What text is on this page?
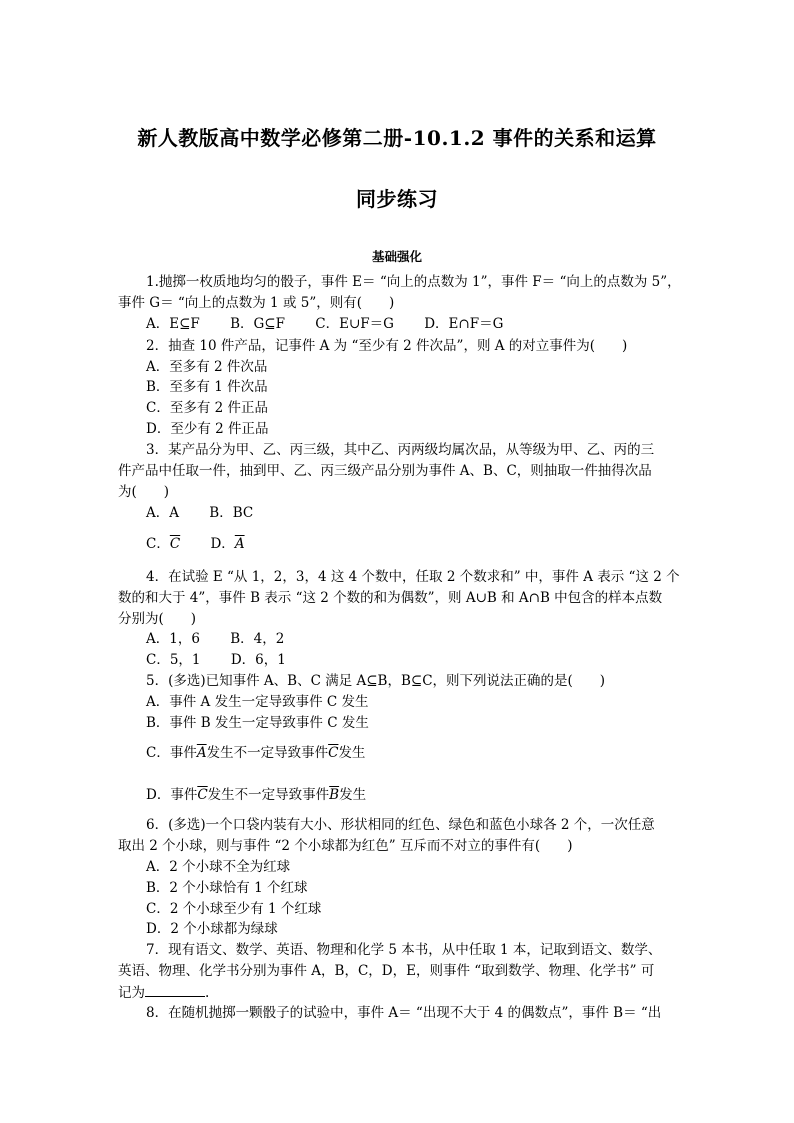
新人教版高中数学必修第二册-10.1.2 事件的关系和运算
同步练习
基础强化
1.抛掷一枚质地均匀的骰子，事件 E＝ “向上的点数为 1”，事件 F＝ “向上的点数为 5”，
事件 G＝ “向上的点数为 1 或 5”，则有(　　)
A．E⊆F B．G⊆F C．E∪F＝G D．E∩F＝G
2．抽查 10 件产品，记事件 A 为 “至少有 2 件次品”，则 A 的对立事件为(　　)
A．至多有 2 件次品
B．至多有 1 件次品
C．至多有 2 件正品
D．至少有 2 件正品
3．某产品分为甲、乙、丙三级，其中乙、丙两级均属次品，从等级为甲、乙、丙的三
件产品中任取一件，抽到甲、乙、丙三级产品分别为事件 A、B、C，则抽取一件抽得次品
为(　　)
A．A B．BC
C．$\overline{C}$ D．$\overline{A}$
4．在试验 E “从 1，2，3，4 这 4 个数中，任取 2 个数求和” 中，事件 A 表示 “这 2 个
数的和大于 4”，事件 B 表示 “这 2 个数的和为偶数”，则 A∪B 和 A∩B 中包含的样本点数
分别为(　　)
A．1，6 B．4，2
C．5，1 D．6，1
5．(多选)已知事件 A、B、C 满足 A⊆B，B⊆C，则下列说法正确的是(　　)
A．事件 A 发生一定导致事件 C 发生
B．事件 B 发生一定导致事件 C 发生
C．事件$\overline{A}$发生不一定导致事件$\overline{C}$发生
D．事件$\overline{C}$发生不一定导致事件$\overline{B}$发生
6．(多选)一个口袋内装有大小、形状相同的红色、绿色和蓝色小球各 2 个，一次任意
取出 2 个小球，则与事件 “2 个小球都为红色” 互斥而不对立的事件有(　　)
A．2 个小球不全为红球
B．2 个小球恰有 1 个红球
C．2 个小球至少有 1 个红球
D．2 个小球都为绿球
7．现有语文、数学、英语、物理和化学 5 本书，从中任取 1 本，记取到语文、数学、
英语、物理、化学书分别为事件 A，B，C，D，E，则事件 “取到数学、物理、化学书” 可
记为	.
8．在随机抛掷一颗骰子的试验中，事件 A＝ “出现不大于 4 的偶数点”，事件 B＝ “出
